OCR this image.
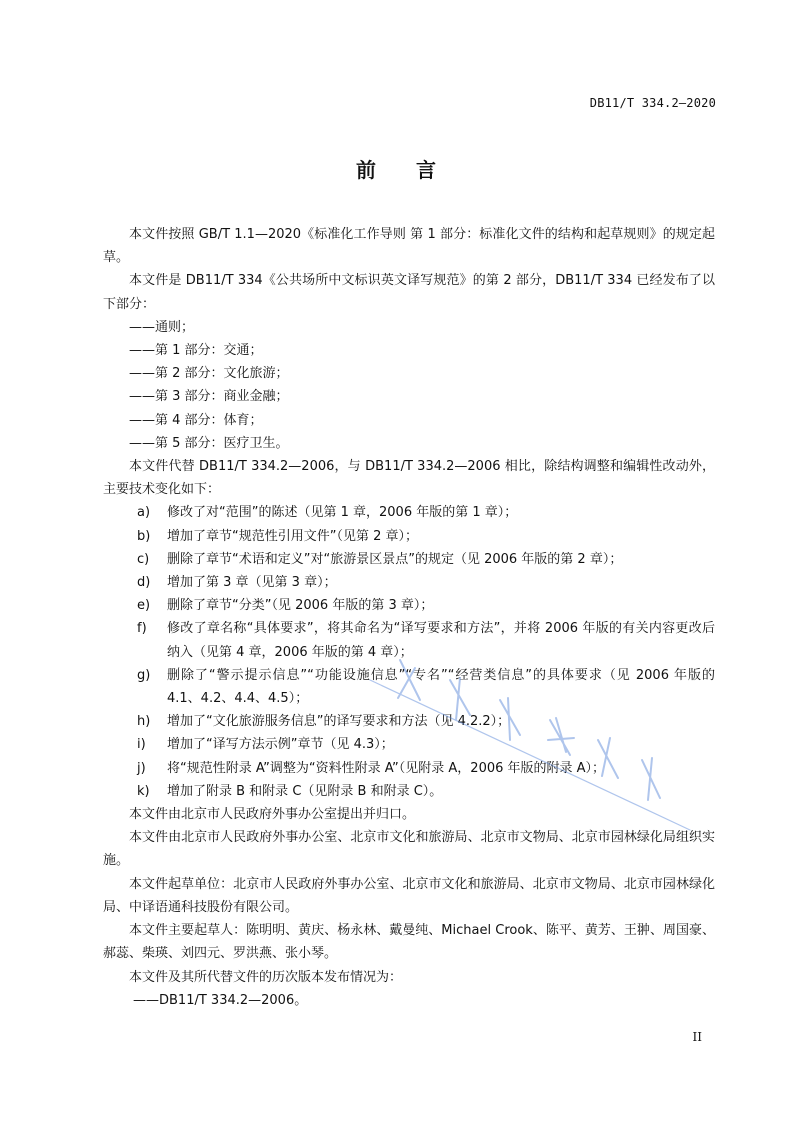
DB11/T 334.2—2020
前言

本文件按照 GB/T 1.1—2020《标准化工作导则 第 1 部分：标准化文件的结构和起草规则》的规定起草。

本文件是 DB11/T 334《公共场所中文标识英文译写规范》的第 2 部分，DB11/T 334 已经发布了以下部分：

——通则；

——第 1 部分：交通；

——第 2 部分：文化旅游；

——第 3 部分：商业金融；

——第 4 部分：体育；

——第 5 部分：医疗卫生。

本文件代替 DB11/T 334.2—2006，与 DB11/T 334.2—2006 相比，除结构调整和编辑性改动外，主要技术变化如下：

a) 修改了对“范围”的陈述（见第 1 章，2006 年版的第 1 章）；
b) 增加了章节“规范性引用文件”（见第 2 章）；
c) 删除了章节“术语和定义”对“旅游景区景点”的规定（见 2006 年版的第 2 章）；
d) 增加了第 3 章（见第 3 章）；
e) 删除了章节“分类”（见 2006 年版的第 3 章）；
f) 修改了章名称“具体要求”，将其命名为“译写要求和方法”，并将 2006 年版的有关内容更改后纳入（见第 4 章，2006 年版的第 4 章）；
g) 删除了“警示提示信息”“功能设施信息”“专名”“经营类信息”的具体要求（见 2006 年版的 4.1、4.2、4.4、4.5）；
h) 增加了“文化旅游服务信息”的译写要求和方法（见 4.2.2）；
i) 增加了“译写方法示例”章节（见 4.3）；
j) 将“规范性附录 A”调整为“资料性附录 A”（见附录 A，2006 年版的附录 A）；
k) 增加了附录 B 和附录 C（见附录 B 和附录 C）。

本文件由北京市人民政府外事办公室提出并归口。

本文件由北京市人民政府外事办公室、北京市文化和旅游局、北京市文物局、北京市园林绿化局组织实施。

本文件起草单位：北京市人民政府外事办公室、北京市文化和旅游局、北京市文物局、北京市园林绿化局、中译语通科技股份有限公司。

本文件主要起草人：陈明明、黄庆、杨永林、戴曼纯、Michael Crook、陈平、黄芳、王翀、周国豪、郝蕊、柴瑛、刘四元、罗洪燕、张小琴。

本文件及其所代替文件的历次版本发布情况为：

——DB11/T 334.2—2006。

II
